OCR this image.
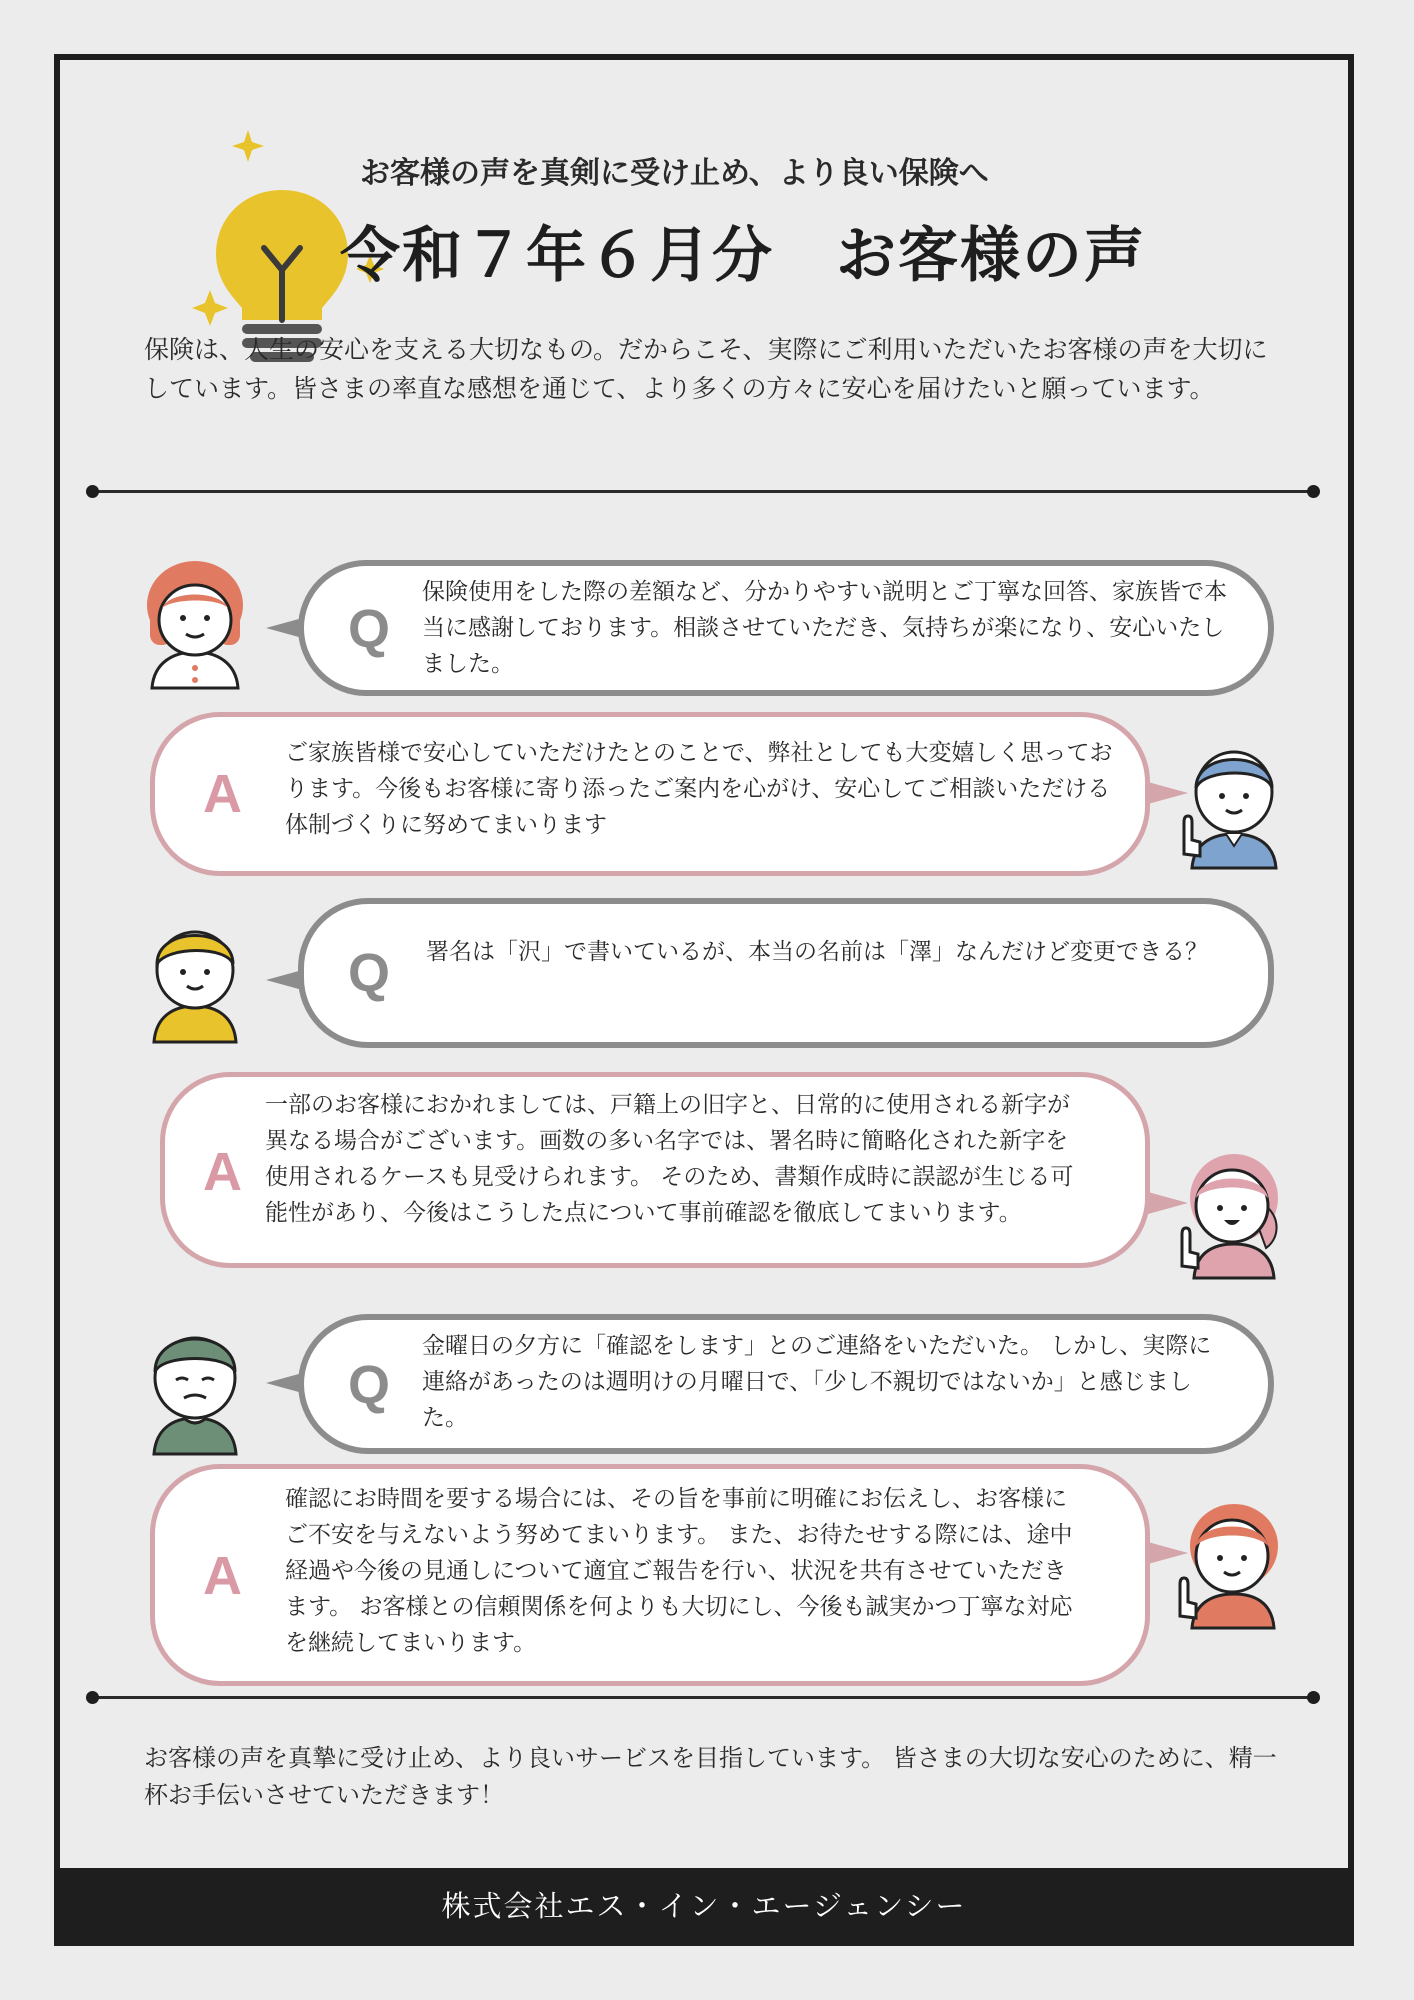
お客様の声を真剣に受け止め、より良い保険へ
令和７年６月分　お客様の声
保険は、人生の安心を支える大切なもの。だからこそ、実際にご利用いただいたお客様の声を大切にしています。皆さまの率直な感想を通じて、より多くの方々に安心を届けたいと願っています。
Q
保険使用をした際の差額など、分かりやすい説明とご丁寧な回答、家族皆で本当に感謝しております。相談させていただき、気持ちが楽になり、安心いたしました。
A
ご家族皆様で安心していただけたとのことで、弊社としても大変嬉しく思っております。今後もお客様に寄り添ったご案内を心がけ、安心してご相談いただける体制づくりに努めてまいります
Q 署名は「沢」で書いているが、本当の名前は「澤」なんだけど変更できる？
A
一部のお客様におかれましては、戸籍上の旧字と、日常的に使用される新字が異なる場合がございます。画数の多い名字では、署名時に簡略化された新字を使用されるケースも見受けられます。 そのため、書類作成時に誤認が生じる可能性があり、今後はこうした点について事前確認を徹底してまいります。
Q
金曜日の夕方に「確認をします」とのご連絡をいただいた。 しかし、実際に連絡があったのは週明けの月曜日で、「少し不親切ではないか」と感じました。
A
確認にお時間を要する場合には、その旨を事前に明確にお伝えし、お客様にご不安を与えないよう努めてまいります。 また、お待たせする際には、途中経過や今後の見通しについて適宜ご報告を行い、状況を共有させていただきます。 お客様との信頼関係を何よりも大切にし、今後も誠実かつ丁寧な対応を継続してまいります。
お客様の声を真摯に受け止め、より良いサービスを目指しています。 皆さまの大切な安心のために、精一杯お手伝いさせていただきます！
株式会社エス・イン・エージェンシー
